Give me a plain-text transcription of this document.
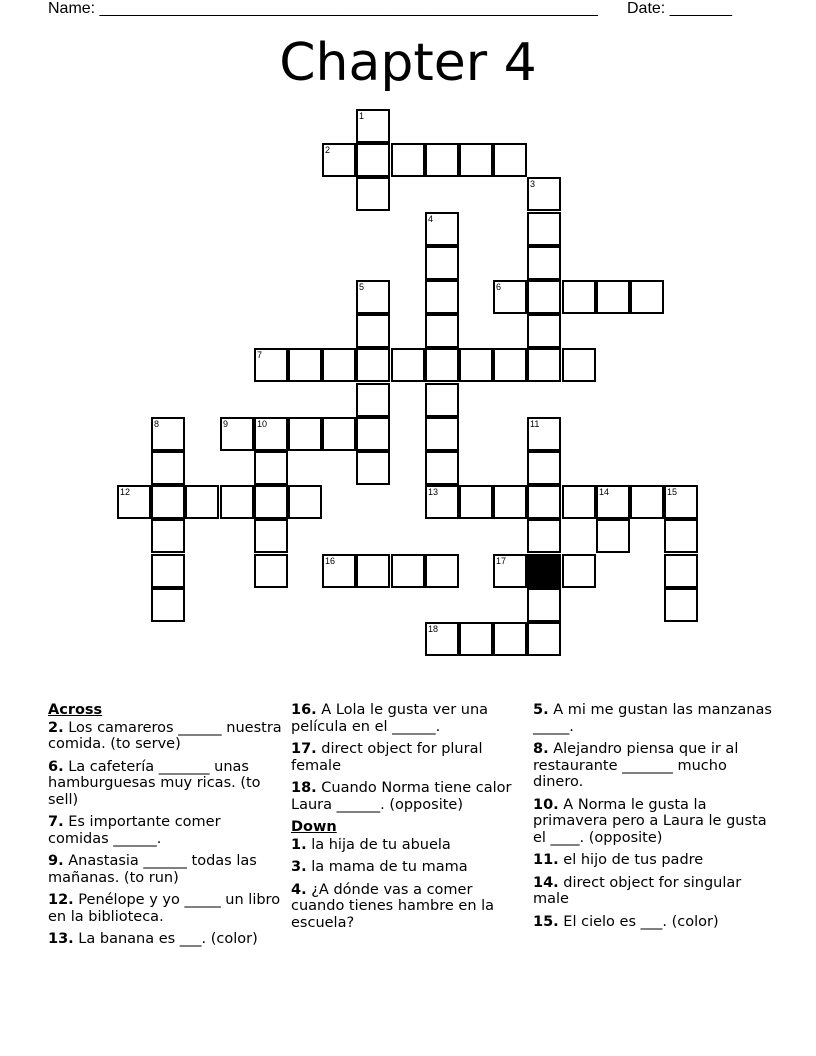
Name: ________________________________________________________ Date: _______
Chapter 4
1
2
3
4
13
5	6
7
8	9	10	11
12	14	15
16	17
18
Across
2. Los camareros ______ nuestra comida. (to serve)
6. La cafetería _______ unas hamburguesas muy ricas. (to sell)
7. Es importante comer comidas ______.
9. Anastasia ______ todas las mañanas. (to run)
12. Penélope y yo _____ un libro en la biblioteca.
13. La banana es ___. (color)
16. A Lola le gusta ver una película en el ______.
17. direct object for plural female
18. Cuando Norma tiene calor Laura ______. (opposite)
Down
1. la hija de tu abuela
3. la mama de tu mama
4. ¿A dónde vas a comer cuando tienes hambre en la escuela?
5. A mi me gustan las manzanas _____.
8. Alejandro piensa que ir al restaurante _______ mucho dinero.
10. A Norma le gusta la primavera pero a Laura le gusta el ____. (opposite)
11. el hijo de tus padre
14. direct object for singular male
15. El cielo es ___. (color)
